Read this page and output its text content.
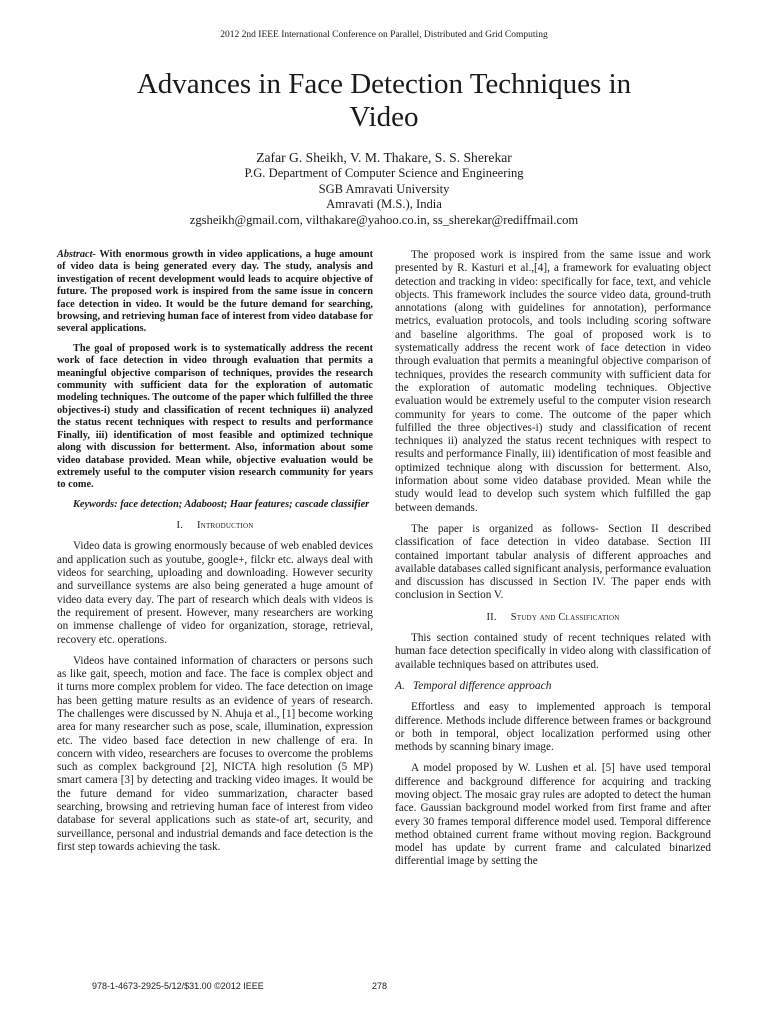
2012 2nd IEEE International Conference on Parallel, Distributed and Grid Computing
Advances in Face Detection Techniques in
Video
Zafar G. Sheikh, V. M. Thakare, S. S. Sherekar
P.G. Department of Computer Science and Engineering
SGB Amravati University
Amravati (M.S.), India
zgsheikh@gmail.com, vilthakare@yahoo.co.in, ss_sherekar@rediffmail.com

Abstract- With enormous growth in video applications, a huge amount of video data is being generated every day. The study, analysis and investigation of recent development would leads to acquire objective of future. The proposed work is inspired from the same issue in concern face detection in video. It would be the future demand for searching, browsing, and retrieving human face of interest from video database for several applications.

The goal of proposed work is to systematically address the recent work of face detection in video through evaluation that permits a meaningful objective comparison of techniques, provides the research community with sufficient data for the exploration of automatic modeling techniques. The outcome of the paper which fulfilled the three objectives-i) study and classification of recent techniques ii) analyzed the status recent techniques with respect to results and performance Finally, iii) identification of most feasible and optimized technique along with discussion for betterment. Also, information about some video database provided. Mean while, objective evaluation would be extremely useful to the computer vision research community for years to come.

Keywords: face detection; Adaboost; Haar features; cascade classifier

I. Introduction

Video data is growing enormously because of web enabled devices and application such as youtube, google+, filckr etc. always deal with videos for searching, uploading and downloading. However security and surveillance systems are also being generated a huge amount of video data every day. The part of research which deals with videos is the requirement of present. However, many researchers are working on immense challenge of video for organization, storage, retrieval, recovery etc. operations.

Videos have contained information of characters or persons such as like gait, speech, motion and face. The face is complex object and it turns more complex problem for video. The face detection on image has been getting mature results as an evidence of years of research. The challenges were discussed by N. Ahuja et al., [1] become working area for many researcher such as pose, scale, illumination, expression etc. The video based face detection in new challenge of era. In concern with video, researchers are focuses to overcome the problems such as complex background [2], NICTA high resolution (5 MP) smart camera [3] by detecting and tracking video images. It would be the future demand for video summarization, character based searching, browsing and retrieving human face of interest from video database for several applications such as state-of art, security, and surveillance, personal and industrial demands and face detection is the first step towards achieving the task.

The proposed work is inspired from the same issue and work presented by R. Kasturi et al.,[4], a framework for evaluating object detection and tracking in video: specifically for face, text, and vehicle objects. This framework includes the source video data, ground-truth annotations (along with guidelines for annotation), performance metrics, evaluation protocols, and tools including scoring software and baseline algorithms. The goal of proposed work is to systematically address the recent work of face detection in video through evaluation that permits a meaningful objective comparison of techniques, provides the research community with sufficient data for the exploration of automatic modeling techniques. Objective evaluation would be extremely useful to the computer vision research community for years to come. The outcome of the paper which fulfilled the three objectives-i) study and classification of recent techniques ii) analyzed the status recent techniques with respect to results and performance Finally, iii) identification of most feasible and optimized technique along with discussion for betterment. Also, information about some video database provided. Mean while the study would lead to develop such system which fulfilled the gap between demands.

The paper is organized as follows- Section II described classification of face detection in video database. Section III contained important tabular analysis of different approaches and available databases called significant analysis, performance evaluation and discussion has discussed in Section IV. The paper ends with conclusion in Section V.

II. Study and Classification

This section contained study of recent techniques related with human face detection specifically in video along with classification of available techniques based on attributes used.

A. Temporal difference approach

Effortless and easy to implemented approach is temporal difference. Methods include difference between frames or background or both in temporal, object localization performed using other methods by scanning binary image.

A model proposed by W. Lushen et al. [5] have used temporal difference and background difference for acquiring and tracking moving object. The mosaic gray rules are adopted to detect the human face. Gaussian background model worked from first frame and after every 30 frames temporal difference model used. Temporal difference method obtained current frame without moving region. Background model has update by current frame and calculated binarized differential image by setting the

978-1-4673-2925-5/12/$31.00 ©2012 IEEE	278
